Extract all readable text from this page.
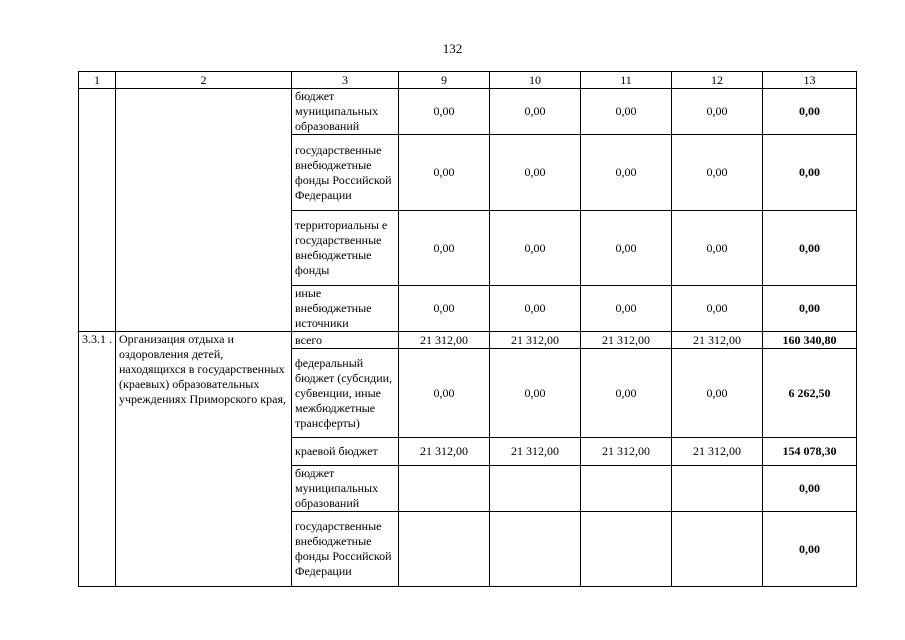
132
1	2	3	9	10	11	12	13
		бюджет муниципальных образований	0,00	0,00	0,00	0,00	0,00
		государственные внебюджетные фонды Российской Федерации	0,00	0,00	0,00	0,00	0,00
		территориальны е государственные внебюджетные фонды	0,00	0,00	0,00	0,00	0,00
		иные внебюджетные источники	0,00	0,00	0,00	0,00	0,00
3.3.1 .	Организация отдыха и оздоровления детей, находящихся в государственных (краевых) образовательных учреждениях Приморского края,	всего	21 312,00	21 312,00	21 312,00	21 312,00	160 340,80
		федеральный бюджет (субсидии, субвенции, иные межбюджетные трансферты)	0,00	0,00	0,00	0,00	6 262,50
		краевой бюджет	21 312,00	21 312,00	21 312,00	21 312,00	154 078,30
		бюджет муниципальных образований					0,00
		государственные внебюджетные фонды Российской Федерации					0,00
